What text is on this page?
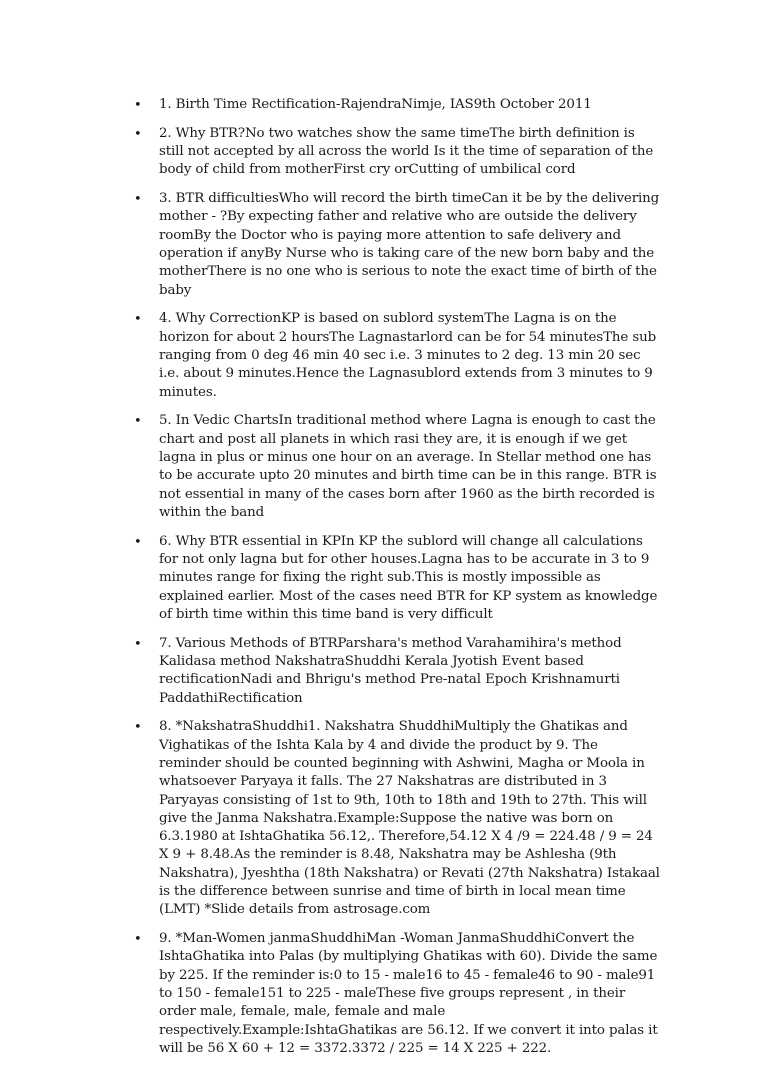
• 1. Birth Time Rectification-RajendraNimje, IAS9th October 2011
• 2. Why BTR?No two watches show the same timeThe birth definition is still not accepted by all across the world Is it the time of separation of the body of child from motherFirst cry orCutting of umbilical cord
• 3. BTR difficultiesWho will record the birth timeCan it be by the delivering mother - ?By expecting father and relative who are outside the delivery roomBy the Doctor who is paying more attention to safe delivery and operation if anyBy Nurse who is taking care of the new born baby and the motherThere is no one who is serious to note the exact time of birth of the baby
• 4. Why CorrectionKP is based on sublord systemThe Lagna is on the horizon for about 2 hoursThe Lagnastarlord can be for 54 minutesThe sub ranging from 0 deg 46 min 40 sec i.e. 3 minutes to 2 deg. 13 min 20 sec i.e. about 9 minutes.Hence the Lagnasublord extends from 3 minutes to 9 minutes.
• 5. In Vedic ChartsIn traditional method where Lagna is enough to cast the chart and post all planets in which rasi they are, it is enough if we get lagna in plus or minus one hour on an average. In Stellar method one has to be accurate upto 20 minutes and birth time can be in this range. BTR is not essential in many of the cases born after 1960 as the birth recorded is within the band
• 6. Why BTR essential in KPIn KP the sublord will change all calculations for not only lagna but for other houses.Lagna has to be accurate in 3 to 9 minutes range for fixing the right sub.This is mostly impossible as explained earlier. Most of the cases need BTR for KP system as knowledge of birth time within this time band is very difficult
• 7. Various Methods of BTRParshara's method Varahamihira's method Kalidasa method NakshatraShuddhi Kerala Jyotish Event based rectificationNadi and Bhrigu's method Pre-natal Epoch Krishnamurti PaddathiRectification
• 8. *NakshatraShuddhi1. Nakshatra ShuddhiMultiply the Ghatikas and Vighatikas of the Ishta Kala by 4 and divide the product by 9. The reminder should be counted beginning with Ashwini, Magha or Moola in whatsoever Paryaya it falls. The 27 Nakshatras are distributed in 3 Paryayas consisting of 1st to 9th, 10th to 18th and 19th to 27th. This will give the Janma Nakshatra.Example:Suppose the native was born on 6.3.1980 at IshtaGhatika 56.12,. Therefore,54.12 X 4 /9 = 224.48 / 9 = 24 X 9 + 8.48.As the reminder is 8.48, Nakshatra may be Ashlesha (9th Nakshatra), Jyeshtha (18th Nakshatra) or Revati (27th Nakshatra) Istakaal is the difference between sunrise and time of birth in local mean time (LMT) *Slide details from astrosage.com
• 9. *Man-Women janmaShuddhiMan -Woman JanmaShuddhiConvert the IshtaGhatika into Palas (by multiplying Ghatikas with 60). Divide the same by 225. If the reminder is:0 to 15 - male16 to 45 - female46 to 90 - male91 to 150 - female151 to 225 - maleThese five groups represent , in their order male, female, male, female and male respectively.Example:IshtaGhatikas are 56.12. If we convert it into palas it will be 56 X 60 + 12 = 3372.3372 / 225 = 14 X 225 + 222.
